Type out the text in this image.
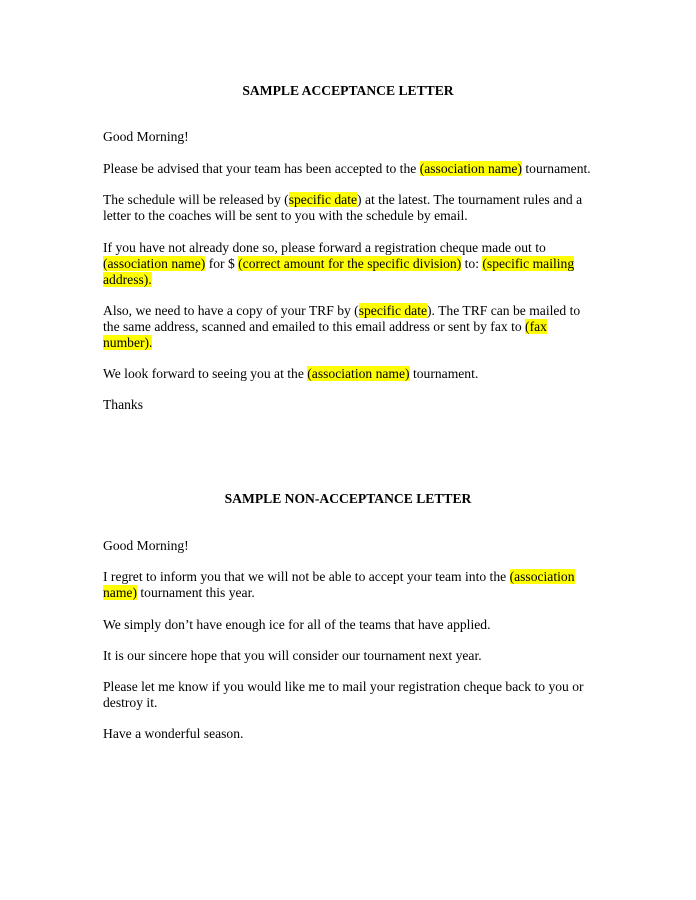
SAMPLE ACCEPTANCE LETTER

Good Morning!

Please be advised that your team has been accepted to the (association name) tournament.

The schedule will be released by (specific date) at the latest. The tournament rules and a letter to the coaches will be sent to you with the schedule by email.

If you have not already done so, please forward a registration cheque made out to (association name) for $ (correct amount for the specific division) to: (specific mailing address).

Also, we need to have a copy of your TRF by (specific date). The TRF can be mailed to the same address, scanned and emailed to this email address or sent by fax to (fax number).

We look forward to seeing you at the (association name) tournament.

Thanks

SAMPLE NON-ACCEPTANCE LETTER

Good Morning!

I regret to inform you that we will not be able to accept your team into the (association name) tournament this year.

We simply don’t have enough ice for all of the teams that have applied.

It is our sincere hope that you will consider our tournament next year.

Please let me know if you would like me to mail your registration cheque back to you or destroy it.

Have a wonderful season.
